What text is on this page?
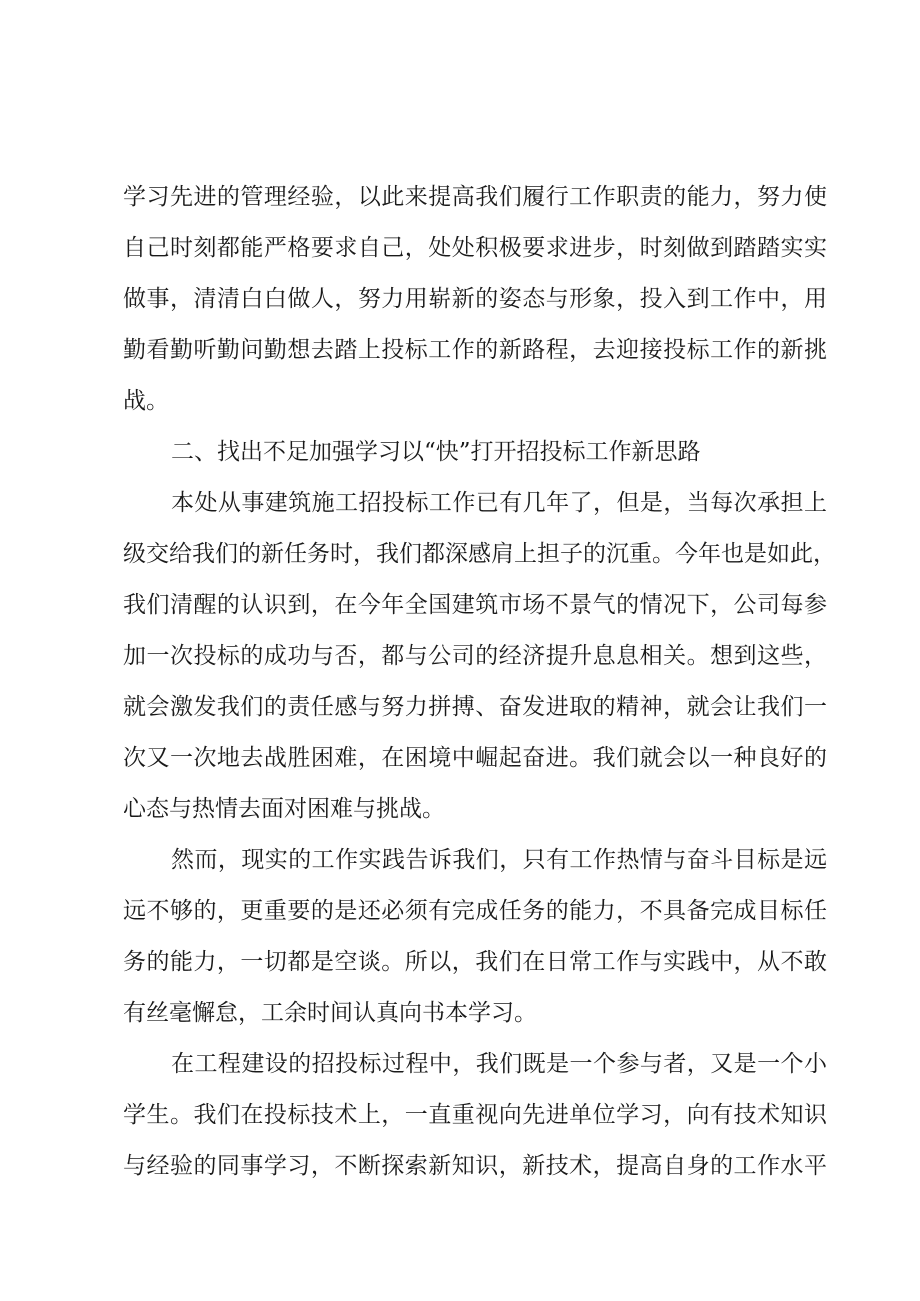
学习先进的管理经验，以此来提高我们履行工作职责的能力，努力使
自己时刻都能严格要求自己，处处积极要求进步，时刻做到踏踏实实
做事，清清白白做人，努力用崭新的姿态与形象，投入到工作中，用
勤看勤听勤问勤想去踏上投标工作的新路程，去迎接投标工作的新挑
战。
二、找出不足加强学习以“快”打开招投标工作新思路
本处从事建筑施工招投标工作已有几年了，但是，当每次承担上
级交给我们的新任务时，我们都深感肩上担子的沉重。今年也是如此，
我们清醒的认识到，在今年全国建筑市场不景气的情况下，公司每参
加一次投标的成功与否，都与公司的经济提升息息相关。想到这些，
就会激发我们的责任感与努力拼搏、奋发进取的精神，就会让我们一
次又一次地去战胜困难，在困境中崛起奋进。我们就会以一种良好的
心态与热情去面对困难与挑战。
然而，现实的工作实践告诉我们，只有工作热情与奋斗目标是远
远不够的，更重要的是还必须有完成任务的能力，不具备完成目标任
务的能力，一切都是空谈。所以，我们在日常工作与实践中，从不敢
有丝毫懈怠，工余时间认真向书本学习。
在工程建设的招投标过程中，我们既是一个参与者，又是一个小
学生。我们在投标技术上，一直重视向先进单位学习，向有技术知识
与经验的同事学习，不断探索新知识，新技术，提高自身的工作水平
